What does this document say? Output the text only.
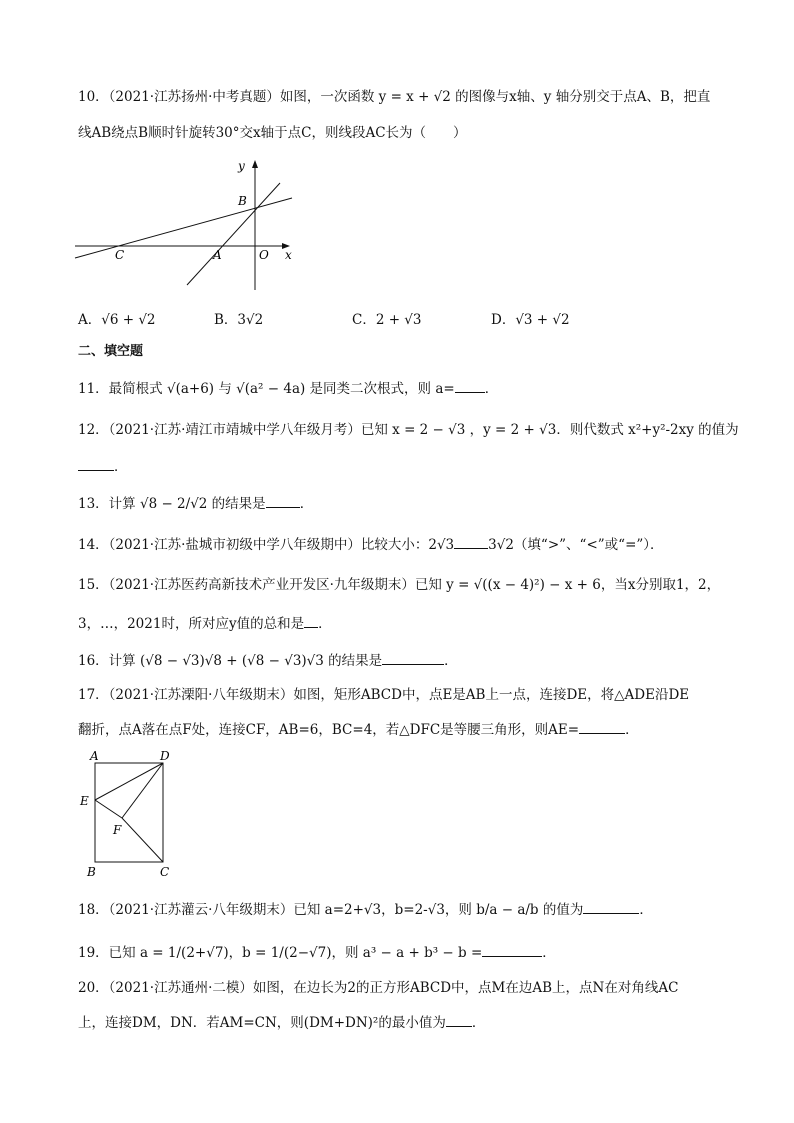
10．（2021·江苏扬州·中考真题）如图，一次函数 y = x + √2 的图像与x轴、y 轴分别交于点A、B，把直
线AB绕点B顺时针旋转30°交x轴于点C，则线段AC长为（　　）
y
x
B
C	A	O
A．√6 + √2	B．3√2	C．2 + √3	D．√3 + √2
二、填空题
11．最简根式 √(a+6) 与 √(a² − 4a) 是同类二次根式，则 a= ．
12．（2021·江苏·靖江市靖城中学八年级月考）已知 x = 2 − √3 ，y = 2 + √3．则代数式 x²+y²-2xy 的值为
．
13．计算 √8 − 2/√2 的结果是	．
14．（2021·江苏·盐城市初级中学八年级期中）比较大小：2√3	3√2（填“>”、“<”或“=”）．
15．（2021·江苏医药高新技术产业开发区·九年级期末）已知 y = √((x − 4)²) − x + 6，当x分别取1，2，
3，…，2021时，所对应y值的总和是 ．
16．计算 (√8 − √3)√8 + (√8 − √3)√3 的结果是	．
17．（2021·江苏溧阳·八年级期末）如图，矩形ABCD中，点E是AB上一点，连接DE，将△ADE沿DE
翻折，点A落在点F处，连接CF，AB=6，BC=4，若△DFC是等腰三角形，则AE=	．
A	D
E
F
B	C
18．（2021·江苏灌云·八年级期末）已知 a=2+√3，b=2-√3，则 b/a − a/b 的值为	．
19．已知 a = 1/(2+√7)，b = 1/(2−√7)，则 a³ − a + b³ − b =	．
20．（2021·江苏通州·二模）如图，在边长为2的正方形ABCD中，点M在边AB上，点N在对角线AC
上，连接DM，DN．若AM=CN，则(DM+DN)²的最小值为 ．
